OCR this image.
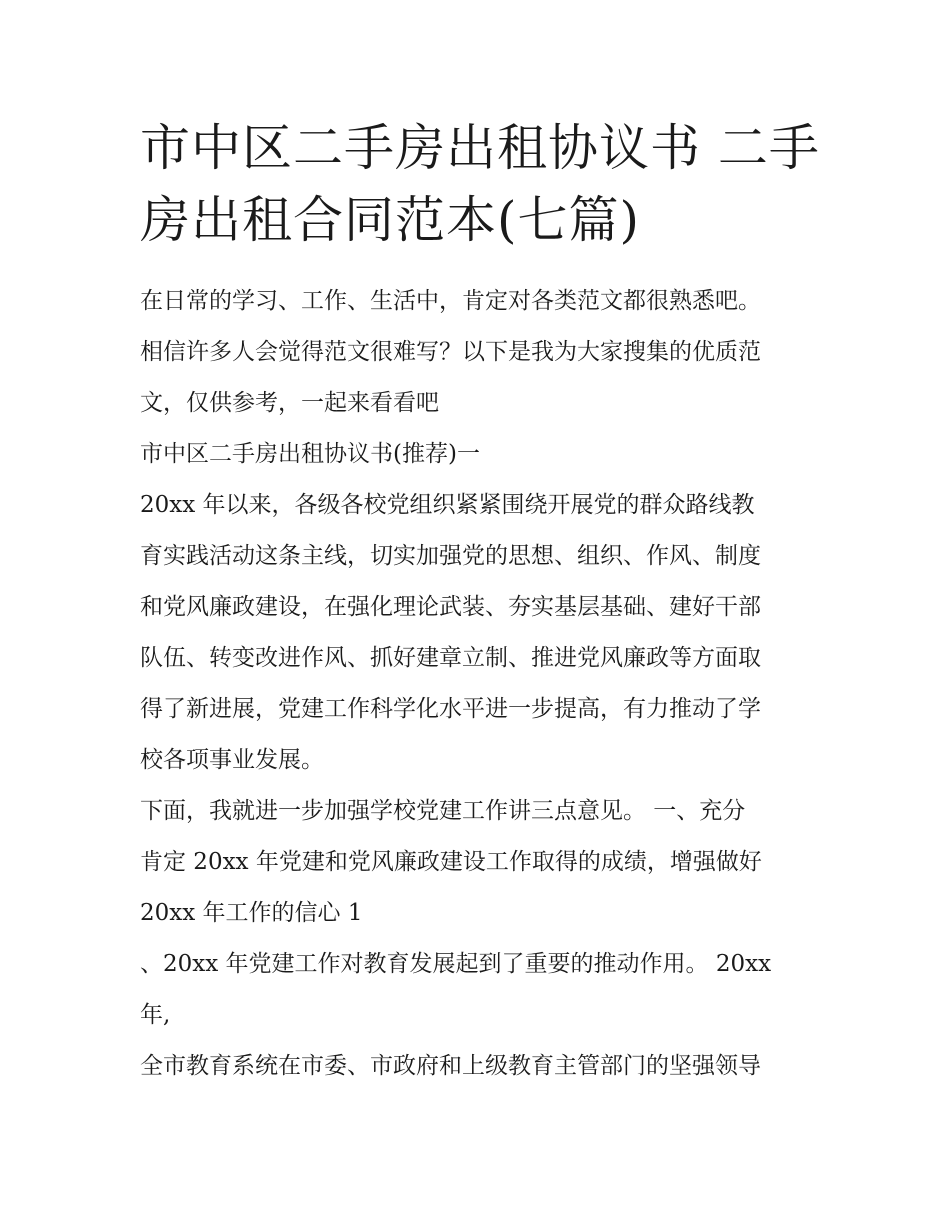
市中区二手房出租协议书 二手
房出租合同范本(七篇)

在日常的学习、工作、生活中，肯定对各类范文都很熟悉吧。

相信许多人会觉得范文很难写？以下是我为大家搜集的优质范

文，仅供参考，一起来看看吧

市中区二手房出租协议书(推荐)一

20xx 年以来，各级各校党组织紧紧围绕开展党的群众路线教

育实践活动这条主线，切实加强党的思想、组织、作风、制度

和党风廉政建设，在强化理论武装、夯实基层基础、建好干部

队伍、转变改进作风、抓好建章立制、推进党风廉政等方面取

得了新进展，党建工作科学化水平进一步提高，有力推动了学

校各项事业发展。

下面，我就进一步加强学校党建工作讲三点意见。 一、充分

肯定 20xx 年党建和党风廉政建设工作取得的成绩，增强做好

20xx 年工作的信心 1

、20xx 年党建工作对教育发展起到了重要的推动作用。 20xx

年,

全市教育系统在市委、市政府和上级教育主管部门的坚强领导
